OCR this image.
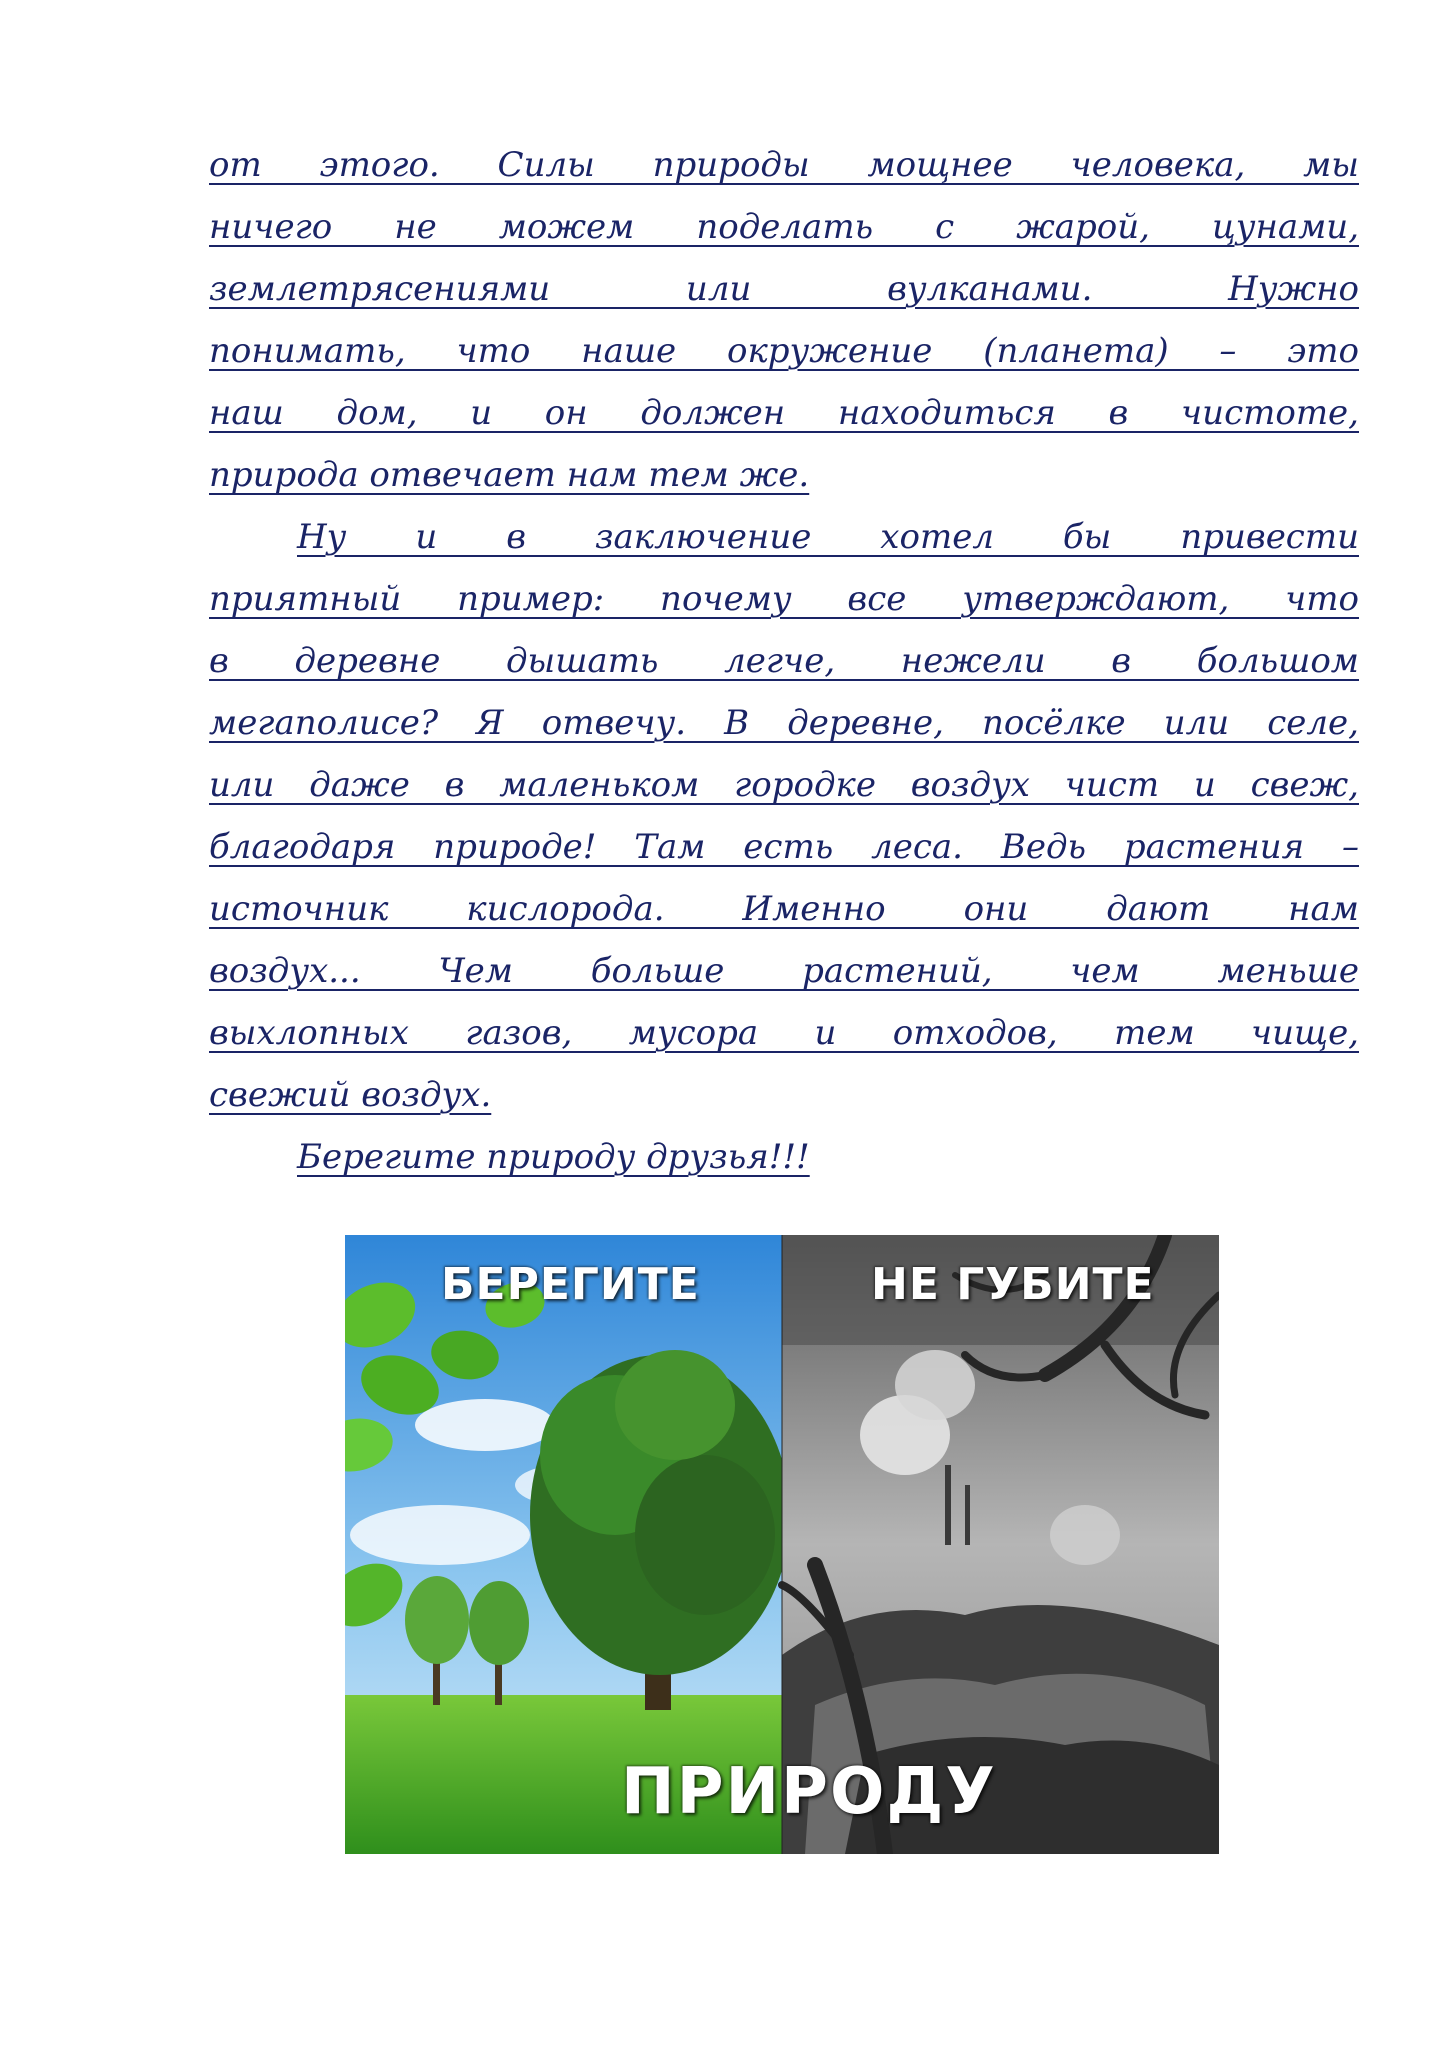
от этого. Силы природы мощнее человека, мы
ничего не можем поделать с жарой, цунами,
землетрясениями или вулканами. Нужно
понимать, что наше окружение (планета) – это
наш дом, и он должен находиться в чистоте,
природа отвечает нам тем же.
Ну и в заключение хотел бы привести
приятный пример: почему все утверждают, что
в деревне дышать легче, нежели в большом
мегаполисе? Я отвечу. В деревне, посёлке или селе,
или даже в маленьком городке воздух чист и свеж,
благодаря природе! Там есть леса. Ведь растения –
источник кислорода. Именно они дают нам
воздух... Чем больше растений, чем меньше
выхлопных газов, мусора и отходов, тем чище,
свежий воздух.
Берегите природу друзья!!!
БЕРЕГИТЕ	НЕ ГУБИТЕ
ПРИРОДУ
